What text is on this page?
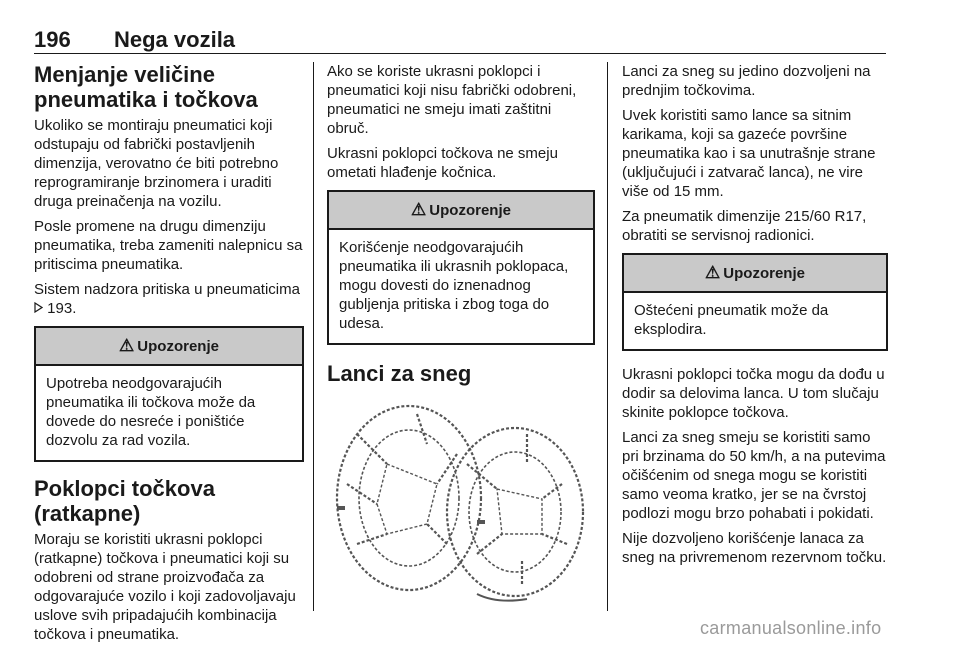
196 Nega vozila
Menjanje veličine pneumatika i točkova

Ukoliko se montiraju pneumatici koji odstupaju od fabrički postavljenih dimenzija, verovatno će biti potrebno reprogramiranje brzinomera i uraditi druga preinačenja na vozilu.

Posle promene na drugu dimenziju pneumatika, treba zameniti nalepnicu sa pritiscima pneumatika.

Sistem nadzora pritiska u pneumaticima  193.

⚠ Upozorenje
Upotreba neodgovarajućih pneumatika ili točkova može da dovede do nesreće i poništiće dozvolu za rad vozila.
Poklopci točkova (ratkapne)

Moraju se koristiti ukrasni poklopci (ratkapne) točkova i pneumatici koji su odobreni od strane proizvođača za odgovarajuće vozilo i koji zadovoljavaju uslove svih pripadajućih kombinacija točkova i pneumatika.

Ako se koriste ukrasni poklopci i pneumatici koji nisu fabrički odobreni, pneumatici ne smeju imati zaštitni obruč.

Ukrasni poklopci točkova ne smeju ometati hlađenje kočnica.

⚠ Upozorenje
Korišćenje neodgovarajućih pneumatika ili ukrasnih poklopaca, mogu dovesti do iznenadnog gubljenja pritiska i zbog toga do udesa.
Lanci za sneg

Lanci za sneg su jedino dozvoljeni na prednjim točkovima.

Uvek koristiti samo lance sa sitnim karikama, koji sa gazeće površine pneumatika kao i sa unutrašnje strane (uključujući i zatvarač lanca), ne vire više od 15 mm.

Za pneumatik dimenzije 215/60 R17, obratiti se servisnoj radionici.

⚠ Upozorenje
Oštećeni pneumatik može da eksplodira.

Ukrasni poklopci točka mogu da dođu u dodir sa delovima lanca. U tom slučaju skinite poklopce točkova.

Lanci za sneg smeju se koristiti samo pri brzinama do 50 km/h, a na putevima očišćenim od snega mogu se koristiti samo veoma kratko, jer se na čvrstoj podlozi mogu brzo pohabati i pokidati.

Nije dozvoljeno korišćenje lanaca za sneg na privremenom rezervnom točku.

carmanualsonline.info
